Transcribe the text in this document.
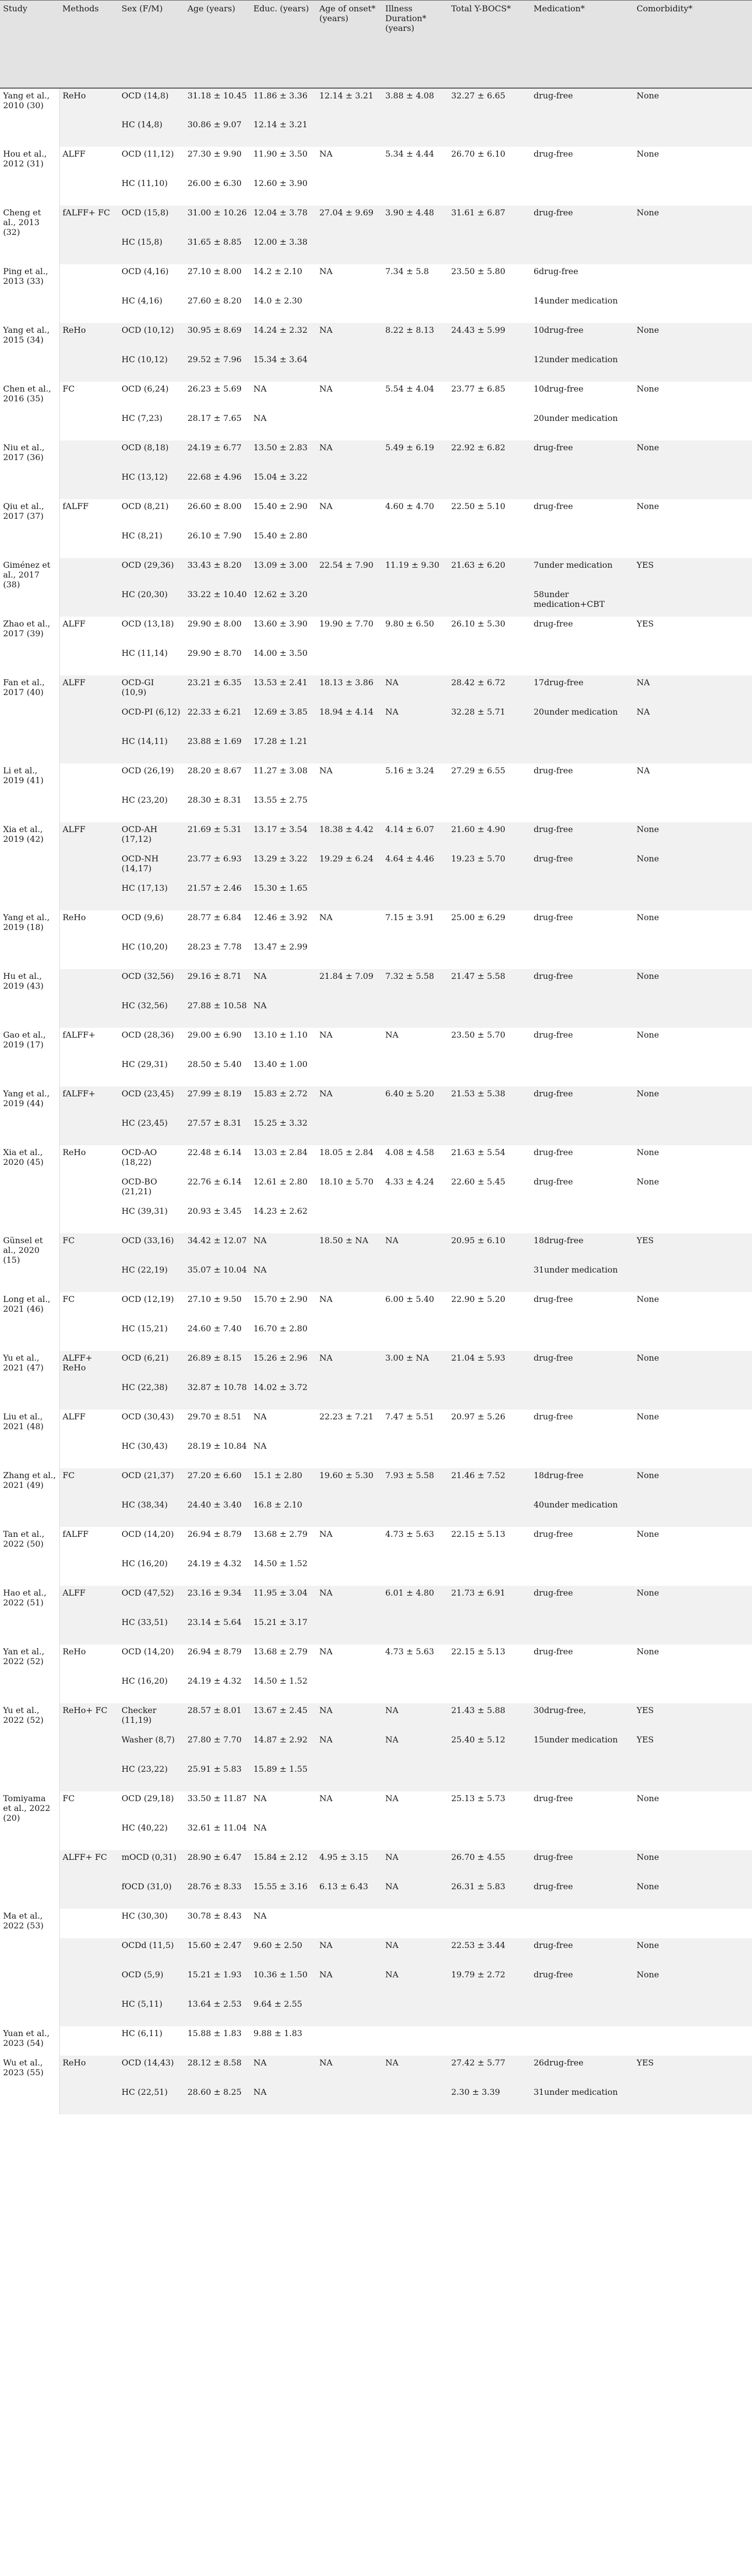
Study	Methods	Sex (F/M)	Age (years)	Educ. (years)	Age of onset* (years)	Illness Duration* (years)	Total Y-BOCS*	Medication*	Comorbidity*
Yang et al., 2010 (30)	ReHo	OCD (14,8)	31.18 ± 10.45	11.86 ± 3.36	12.14 ± 3.21	3.88 ± 4.08	32.27 ± 6.65	drug-free	None
		HC (14,8)	30.86 ± 9.07	12.14 ± 3.21					
Hou et al., 2012 (31)	ALFF	OCD (11,12)	27.30 ± 9.90	11.90 ± 3.50	NA	5.34 ± 4.44	26.70 ± 6.10	drug-free	None
		HC (11,10)	26.00 ± 6.30	12.60 ± 3.90					
Cheng et al., 2013 (32)	fALFF+ FC	OCD (15,8)	31.00 ± 10.26	12.04 ± 3.78	27.04 ± 9.69	3.90 ± 4.48	31.61 ± 6.87	drug-free	None
		HC (15,8)	31.65 ± 8.85	12.00 ± 3.38					
Ping et al., 2013 (33)		OCD (4,16)	27.10 ± 8.00	14.2 ± 2.10	NA	7.34 ± 5.8	23.50 ± 5.80	6drug-free	
		HC (4,16)	27.60 ± 8.20	14.0 ± 2.30				14under medication	
Yang et al., 2015 (34)	ReHo	OCD (10,12)	30.95 ± 8.69	14.24 ± 2.32	NA	8.22 ± 8.13	24.43 ± 5.99	10drug-free	None
		HC (10,12)	29.52 ± 7.96	15.34 ± 3.64				12under medication	
Chen et al., 2016 (35)	FC	OCD (6,24)	26.23 ± 5.69	NA	NA	5.54 ± 4.04	23.77 ± 6.85	10drug-free	None
		HC (7,23)	28.17 ± 7.65	NA				20under medication	
Niu et al., 2017 (36)		OCD (8,18)	24.19 ± 6.77	13.50 ± 2.83	NA	5.49 ± 6.19	22.92 ± 6.82	drug-free	None
		HC (13,12)	22.68 ± 4.96	15.04 ± 3.22					
Qiu et al., 2017 (37)	fALFF	OCD (8,21)	26.60 ± 8.00	15.40 ± 2.90	NA	4.60 ± 4.70	22.50 ± 5.10	drug-free	None
		HC (8,21)	26.10 ± 7.90	15.40 ± 2.80					
Giménez et al., 2017 (38)		OCD (29,36)	33.43 ± 8.20	13.09 ± 3.00	22.54 ± 7.90	11.19 ± 9.30	21.63 ± 6.20	7under medication	YES
		HC (20,30)	33.22 ± 10.40	12.62 ± 3.20				58under medication+CBT	
Zhao et al., 2017 (39)	ALFF	OCD (13,18)	29.90 ± 8.00	13.60 ± 3.90	19.90 ± 7.70	9.80 ± 6.50	26.10 ± 5.30	drug-free	YES
		HC (11,14)	29.90 ± 8.70	14.00 ± 3.50					
Fan et al., 2017 (40)	ALFF	OCD-GI (10,9)	23.21 ± 6.35	13.53 ± 2.41	18.13 ± 3.86	NA	28.42 ± 6.72	17drug-free	NA
		OCD-PI (6,12)	22.33 ± 6.21	12.69 ± 3.85	18.94 ± 4.14	NA	32.28 ± 5.71	20under medication	NA
		HC (14,11)	23.88 ± 1.69	17.28 ± 1.21					
Li et al., 2019 (41)		OCD (26,19)	28.20 ± 8.67	11.27 ± 3.08	NA	5.16 ± 3.24	27.29 ± 6.55	drug-free	NA
		HC (23,20)	28.30 ± 8.31	13.55 ± 2.75					
Xia et al., 2019 (42)	ALFF	OCD-AH (17,12)	21.69 ± 5.31	13.17 ± 3.54	18.38 ± 4.42	4.14 ± 6.07	21.60 ± 4.90	drug-free	None
		OCD-NH (14,17)	23.77 ± 6.93	13.29 ± 3.22	19.29 ± 6.24	4.64 ± 4.46	19.23 ± 5.70	drug-free	None
		HC (17,13)	21.57 ± 2.46	15.30 ± 1.65					
Yang et al., 2019 (18)	ReHo	OCD (9,6)	28.77 ± 6.84	12.46 ± 3.92	NA	7.15 ± 3.91	25.00 ± 6.29	drug-free	None
		HC (10,20)	28.23 ± 7.78	13.47 ± 2.99					
Hu et al., 2019 (43)		OCD (32,56)	29.16 ± 8.71	NA	21.84 ± 7.09	7.32 ± 5.58	21.47 ± 5.58	drug-free	None
		HC (32,56)	27.88 ± 10.58	NA					
Gao et al., 2019 (17)	fALFF+	OCD (28,36)	29.00 ± 6.90	13.10 ± 1.10	NA	NA	23.50 ± 5.70	drug-free	None
		HC (29,31)	28.50 ± 5.40	13.40 ± 1.00					
Yang et al., 2019 (44)	fALFF+	OCD (23,45)	27.99 ± 8.19	15.83 ± 2.72	NA	6.40 ± 5.20	21.53 ± 5.38	drug-free	None
		HC (23,45)	27.57 ± 8.31	15.25 ± 3.32					
Xia et al., 2020 (45)	ReHo	OCD-AO (18,22)	22.48 ± 6.14	13.03 ± 2.84	18.05 ± 2.84	4.08 ± 4.58	21.63 ± 5.54	drug-free	None
		OCD-BO (21,21)	22.76 ± 6.14	12.61 ± 2.80	18.10 ± 5.70	4.33 ± 4.24	22.60 ± 5.45	drug-free	None
		HC (39,31)	20.93 ± 3.45	14.23 ± 2.62					
Günsel et al., 2020 (15)	FC	OCD (33,16)	34.42 ± 12.07	NA	18.50 ± NA	NA	20.95 ± 6.10	18drug-free	YES
		HC (22,19)	35.07 ± 10.04	NA				31under medication	
Long et al., 2021 (46)	FC	OCD (12,19)	27.10 ± 9.50	15.70 ± 2.90	NA	6.00 ± 5.40	22.90 ± 5.20	drug-free	None
		HC (15,21)	24.60 ± 7.40	16.70 ± 2.80					
Yu et al., 2021 (47)	ALFF+ ReHo	OCD (6,21)	26.89 ± 8.15	15.26 ± 2.96	NA	3.00 ± NA	21.04 ± 5.93	drug-free	None
		HC (22,38)	32.87 ± 10.78	14.02 ± 3.72					
Liu et al., 2021 (48)	ALFF	OCD (30,43)	29.70 ± 8.51	NA	22.23 ± 7.21	7.47 ± 5.51	20.97 ± 5.26	drug-free	None
		HC (30,43)	28.19 ± 10.84	NA					
Zhang et al., 2021 (49)	FC	OCD (21,37)	27.20 ± 6.60	15.1 ± 2.80	19.60 ± 5.30	7.93 ± 5.58	21.46 ± 7.52	18drug-free	None
		HC (38,34)	24.40 ± 3.40	16.8 ± 2.10				40under medication	
Tan et al., 2022 (50)	fALFF	OCD (14,20)	26.94 ± 8.79	13.68 ± 2.79	NA	4.73 ± 5.63	22.15 ± 5.13	drug-free	None
		HC (16,20)	24.19 ± 4.32	14.50 ± 1.52					
Hao et al., 2022 (51)	ALFF	OCD (47,52)	23.16 ± 9.34	11.95 ± 3.04	NA	6.01 ± 4.80	21.73 ± 6.91	drug-free	None
		HC (33,51)	23.14 ± 5.64	15.21 ± 3.17					
Yan et al., 2022 (52)	ReHo	OCD (14,20)	26.94 ± 8.79	13.68 ± 2.79	NA	4.73 ± 5.63	22.15 ± 5.13	drug-free	None
		HC (16,20)	24.19 ± 4.32	14.50 ± 1.52					
Yu et al., 2022 (52)	ReHo+ FC	Checker (11,19)	28.57 ± 8.01	13.67 ± 2.45	NA	NA	21.43 ± 5.88	30drug-free,	YES
		Washer (8,7)	27.80 ± 7.70	14.87 ± 2.92	NA	NA	25.40 ± 5.12	15under medication	YES
		HC (23,22)	25.91 ± 5.83	15.89 ± 1.55					
Tomiyama et al., 2022 (20)	FC	OCD (29,18)	33.50 ± 11.87	NA	NA	NA	25.13 ± 5.73	drug-free	None
		HC (40,22)	32.61 ± 11.04	NA					
	ALFF+ FC	mOCD (0,31)	28.90 ± 6.47	15.84 ± 2.12	4.95 ± 3.15	NA	26.70 ± 4.55	drug-free	None
		fOCD (31,0)	28.76 ± 8.33	15.55 ± 3.16	6.13 ± 6.43	NA	26.31 ± 5.83	drug-free	None
Ma et al., 2022 (53)		HC (30,30)	30.78 ± 8.43	NA					
		OCDd (11,5)	15.60 ± 2.47	9.60 ± 2.50	NA	NA	22.53 ± 3.44	drug-free	None
		OCD (5,9)	15.21 ± 1.93	10.36 ± 1.50	NA	NA	19.79 ± 2.72	drug-free	None
		HC (5,11)	13.64 ± 2.53	9.64 ± 2.55					
Yuan et al., 2023 (54)		HC (6,11)	15.88 ± 1.83	9.88 ± 1.83					
Wu et al., 2023 (55)	ReHo	OCD (14,43)	28.12 ± 8.58	NA	NA	NA	27.42 ± 5.77	26drug-free	YES
		HC (22,51)	28.60 ± 8.25	NA			2.30 ± 3.39	31under medication	
